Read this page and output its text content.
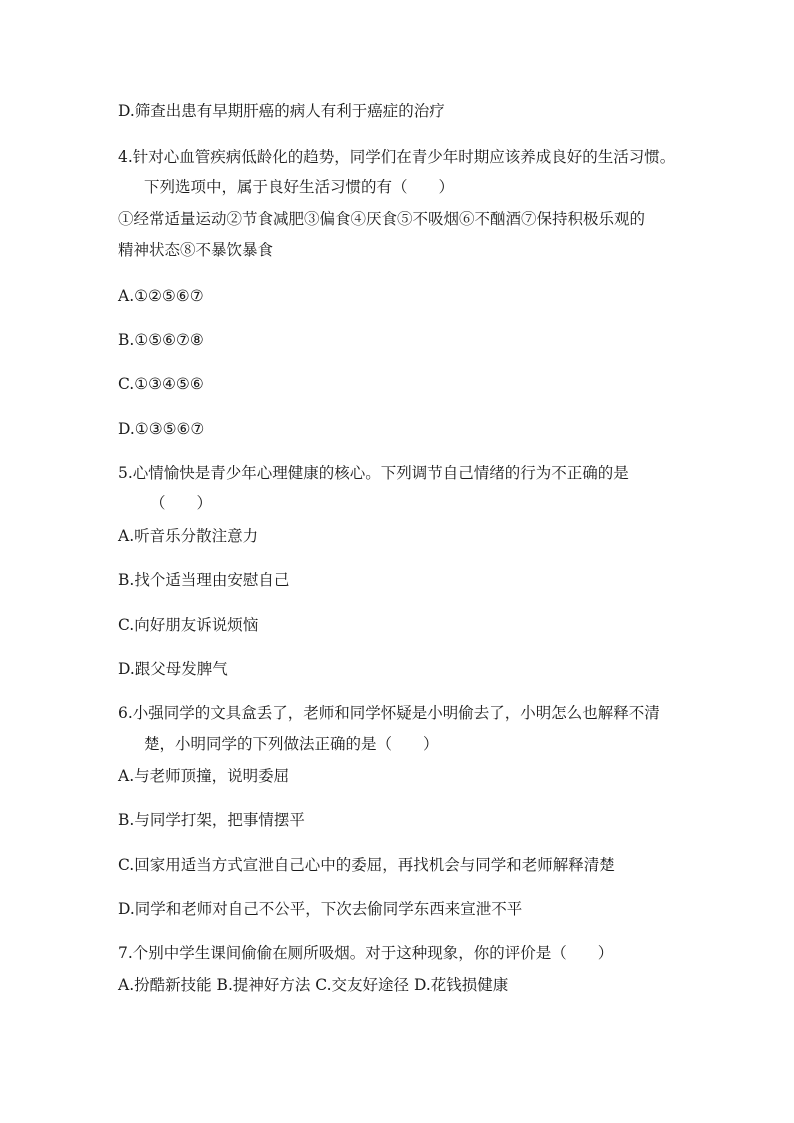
D.筛查出患有早期肝癌的病人有利于癌症的治疗
4.针对心血管疾病低龄化的趋势，同学们在青少年时期应该养成良好的生活习惯。
下列选项中，属于良好生活习惯的有（　　）
①经常适量运动②节食减肥③偏食④厌食⑤不吸烟⑥不酗酒⑦保持积极乐观的
精神状态⑧不暴饮暴食
A.①②⑤⑥⑦
B.①⑤⑥⑦⑧
C.①③④⑤⑥
D.①③⑤⑥⑦
5.心情愉快是青少年心理健康的核心。下列调节自己情绪的行为不正确的是
（　　）
A.听音乐分散注意力
B.找个适当理由安慰自己
C.向好朋友诉说烦恼
D.跟父母发脾气
6.小强同学的文具盒丢了，老师和同学怀疑是小明偷去了，小明怎么也解释不清
楚，小明同学的下列做法正确的是（　　）
A.与老师顶撞，说明委屈
B.与同学打架，把事情摆平
C.回家用适当方式宣泄自己心中的委屈，再找机会与同学和老师解释清楚
D.同学和老师对自己不公平，下次去偷同学东西来宣泄不平
7.个别中学生课间偷偷在厕所吸烟。对于这种现象，你的评价是（　　）
A.扮酷新技能 B.提神好方法 C.交友好途径 D.花钱损健康
